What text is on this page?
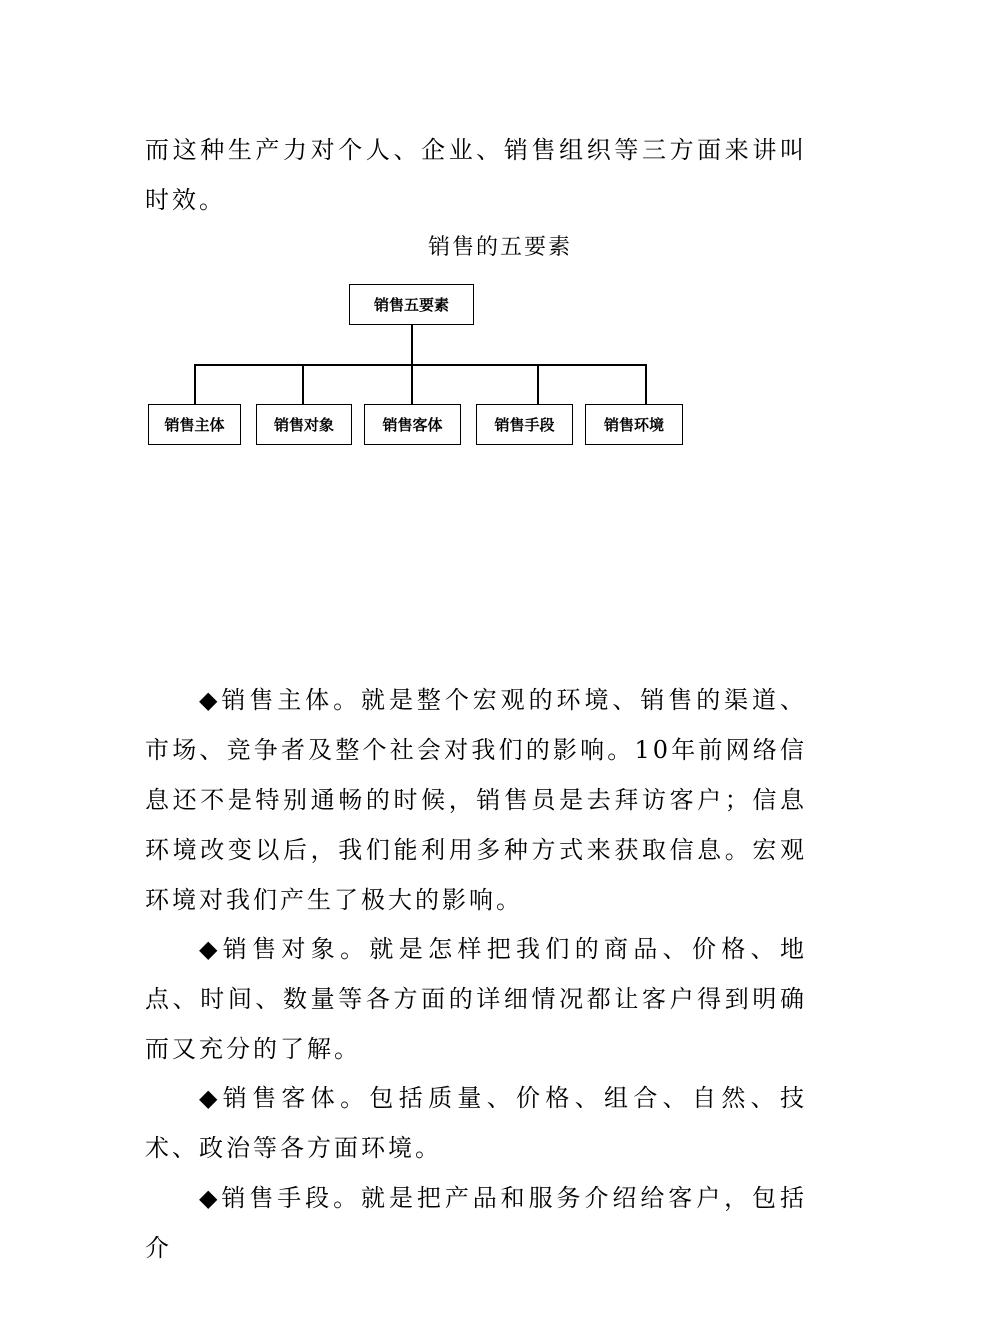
而这种生产力对个人、企业、销售组织等三方面来讲叫时效。

销售的五要素
销售五要素
销售主体	销售对象	销售客体	销售手段	销售环境

◆销售主体。就是整个宏观的环境、销售的渠道、市场、竞争者及整个社会对我们的影响。10年前网络信息还不是特别通畅的时候，销售员是去拜访客户；信息环境改变以后，我们能利用多种方式来获取信息。宏观环境对我们产生了极大的影响。

◆销售对象。就是怎样把我们的商品、价格、地点、时间、数量等各方面的详细情况都让客户得到明确而又充分的了解。

◆销售客体。包括质量、价格、组合、自然、技术、政治等各方面环境。

◆销售手段。就是把产品和服务介绍给客户，包括介
